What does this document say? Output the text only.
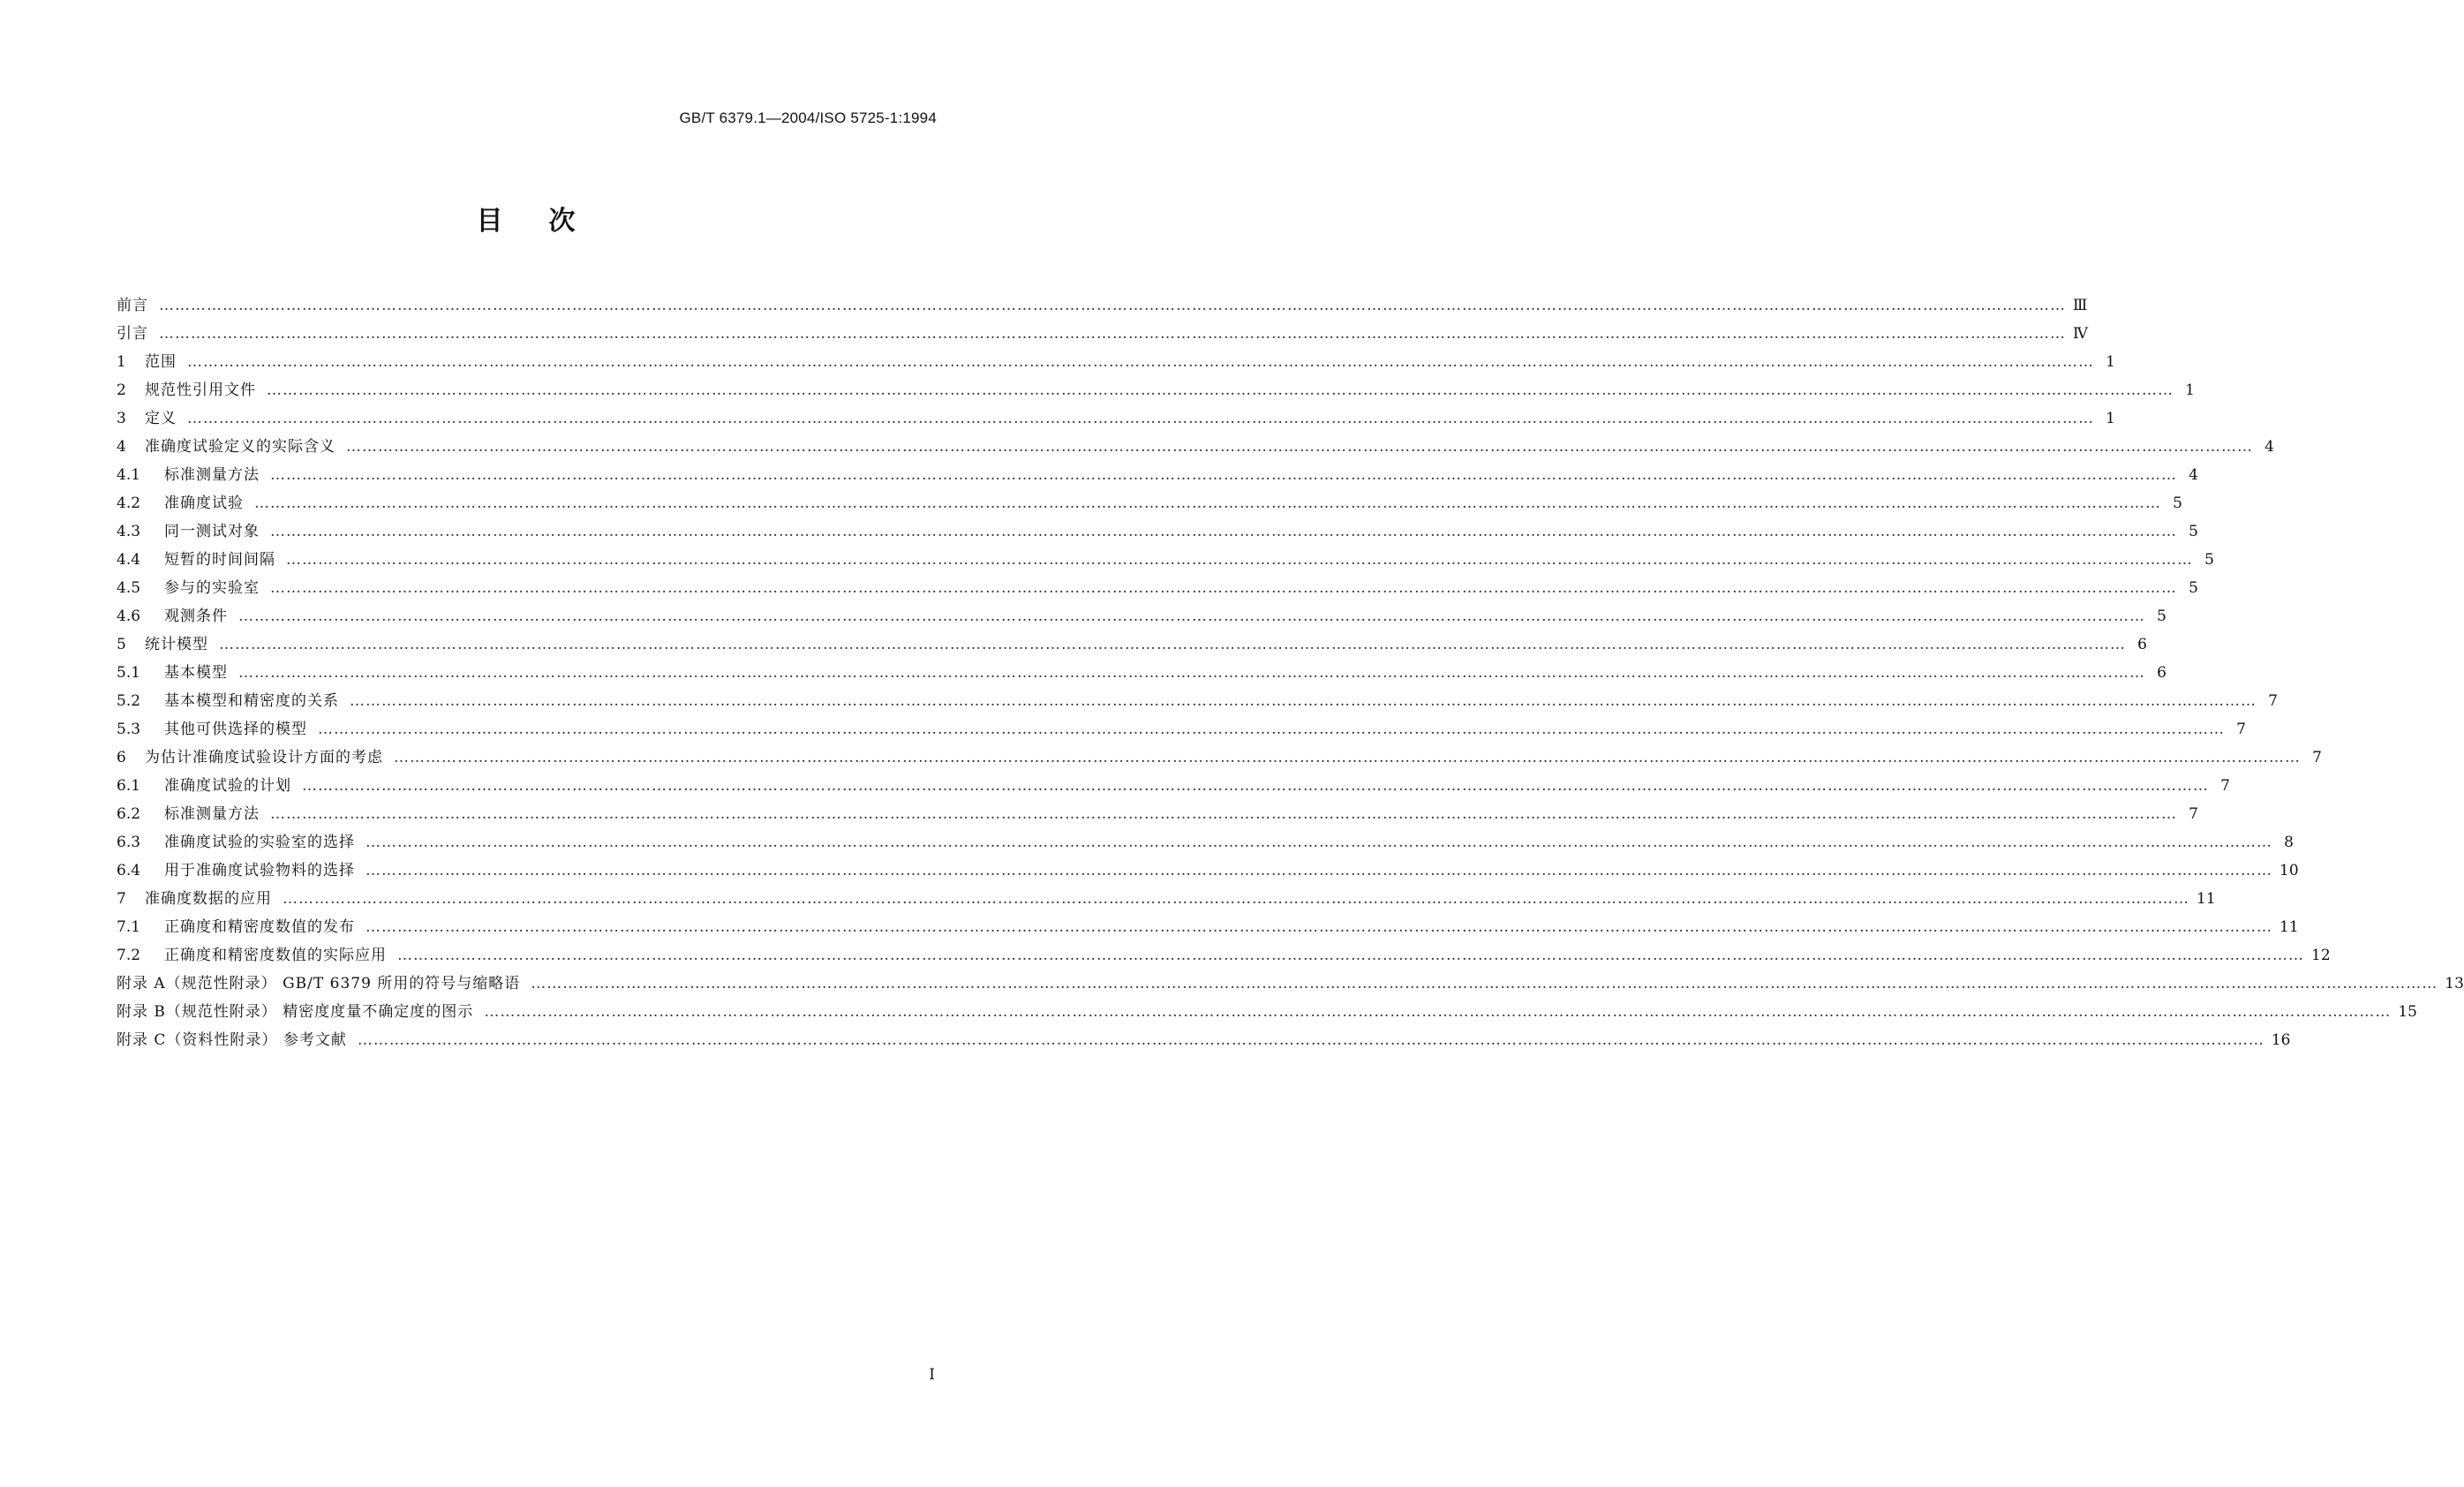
GB/T 6379.1—2004/ISO 5725-1:1994
目次
前言 ……………………………………………………………………………………………………………………………………………………………………………………………………………………………………………………………………………………………………………………………… Ⅲ
引言 ……………………………………………………………………………………………………………………………………………………………………………………………………………………………………………………………………………………………………………………………… Ⅳ
1	范围 ……………………………………………………………………………………………………………………………………………………………………………………………………………………………………………………………………………………………………………………………… 1
2	规范性引用文件 ……………………………………………………………………………………………………………………………………………………………………………………………………………………………………………………………………………………………………………………………… 1
3	定义 ……………………………………………………………………………………………………………………………………………………………………………………………………………………………………………………………………………………………………………………………… 1
4	准确度试验定义的实际含义 ……………………………………………………………………………………………………………………………………………………………………………………………………………………………………………………………………………………………………………………………… 4
4.1	标准测量方法 ……………………………………………………………………………………………………………………………………………………………………………………………………………………………………………………………………………………………………………………………… 4
4.2	准确度试验 ……………………………………………………………………………………………………………………………………………………………………………………………………………………………………………………………………………………………………………………………… 5
4.3	同一测试对象 ……………………………………………………………………………………………………………………………………………………………………………………………………………………………………………………………………………………………………………………………… 5
4.4	短暂的时间间隔 ……………………………………………………………………………………………………………………………………………………………………………………………………………………………………………………………………………………………………………………………… 5
4.5	参与的实验室 ……………………………………………………………………………………………………………………………………………………………………………………………………………………………………………………………………………………………………………………………… 5
4.6	观测条件 ……………………………………………………………………………………………………………………………………………………………………………………………………………………………………………………………………………………………………………………………… 5
5	统计模型 ……………………………………………………………………………………………………………………………………………………………………………………………………………………………………………………………………………………………………………………………… 6
5.1	基本模型 ……………………………………………………………………………………………………………………………………………………………………………………………………………………………………………………………………………………………………………………………… 6
5.2	基本模型和精密度的关系 ……………………………………………………………………………………………………………………………………………………………………………………………………………………………………………………………………………………………………………………………… 7
5.3	其他可供选择的模型 ……………………………………………………………………………………………………………………………………………………………………………………………………………………………………………………………………………………………………………………………… 7
6	为估计准确度试验设计方面的考虑 ……………………………………………………………………………………………………………………………………………………………………………………………………………………………………………………………………………………………………………………………… 7
6.1	准确度试验的计划 ……………………………………………………………………………………………………………………………………………………………………………………………………………………………………………………………………………………………………………………………… 7
6.2	标准测量方法 ……………………………………………………………………………………………………………………………………………………………………………………………………………………………………………………………………………………………………………………………… 7
6.3	准确度试验的实验室的选择 ……………………………………………………………………………………………………………………………………………………………………………………………………………………………………………………………………………………………………………………………… 8
6.4	用于准确度试验物料的选择 ……………………………………………………………………………………………………………………………………………………………………………………………………………………………………………………………………………………………………………………………… 10
7	准确度数据的应用 ……………………………………………………………………………………………………………………………………………………………………………………………………………………………………………………………………………………………………………………………… 11
7.1	正确度和精密度数值的发布 ……………………………………………………………………………………………………………………………………………………………………………………………………………………………………………………………………………………………………………………………… 11
7.2	正确度和精密度数值的实际应用 ……………………………………………………………………………………………………………………………………………………………………………………………………………………………………………………………………………………………………………………………… 12
附录 A（规范性附录） GB/T 6379 所用的符号与缩略语 ……………………………………………………………………………………………………………………………………………………………………………………………………………………………………………………………………………………………………………………………… 13
附录 B（规范性附录） 精密度度量不确定度的图示 ……………………………………………………………………………………………………………………………………………………………………………………………………………………………………………………………………………………………………………………………… 15
附录 C（资料性附录） 参考文献 ……………………………………………………………………………………………………………………………………………………………………………………………………………………………………………………………………………………………………………………………… 16
I
